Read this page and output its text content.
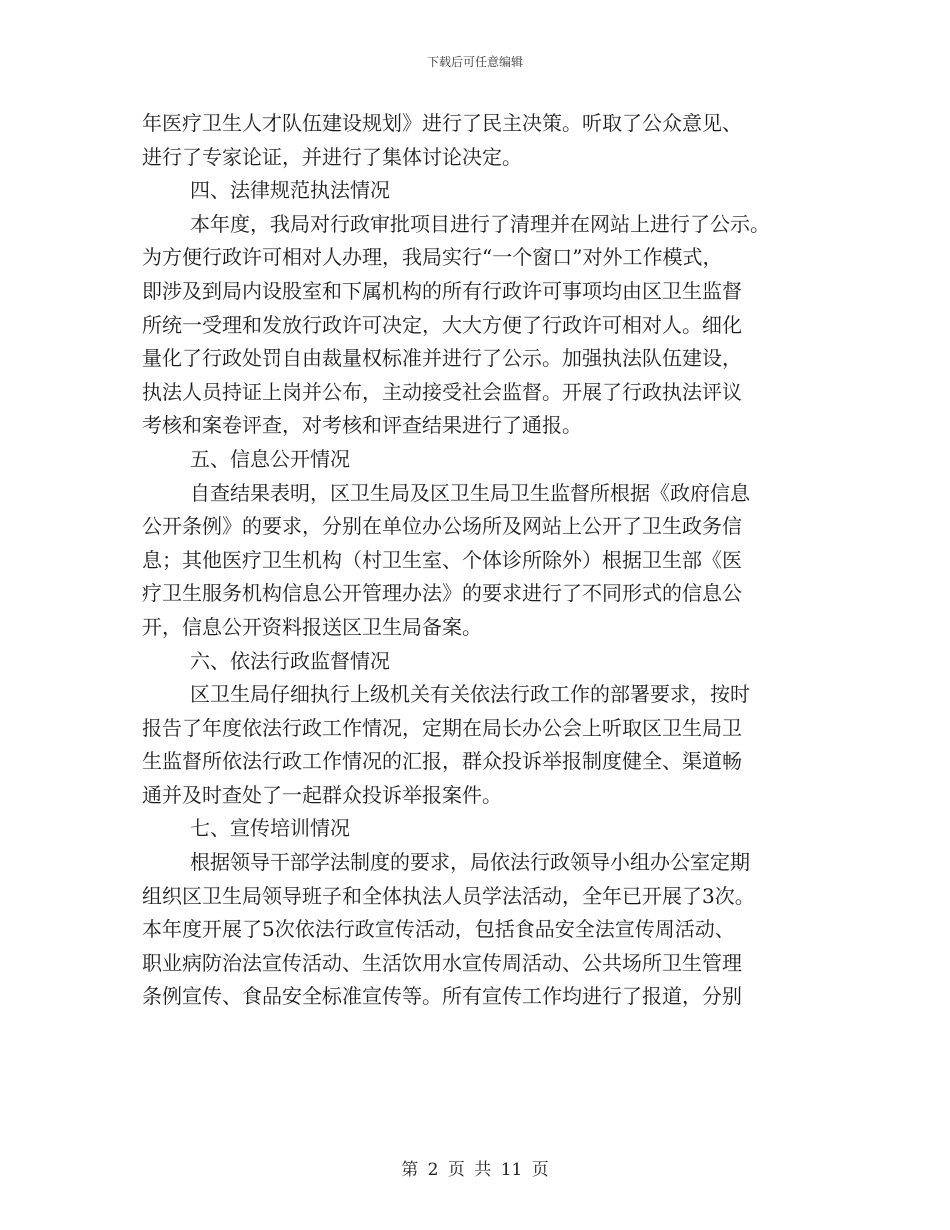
下载后可任意编辑
年医疗卫生人才队伍建设规划》进行了民主决策。听取了公众意见、
进行了专家论证，并进行了集体讨论决定。
四、法律规范执法情况
本年度，我局对行政审批项目进行了清理并在网站上进行了公示。
为方便行政许可相对人办理，我局实行“一个窗口”对外工作模式，
即涉及到局内设股室和下属机构的所有行政许可事项均由区卫生监督
所统一受理和发放行政许可决定，大大方便了行政许可相对人。细化
量化了行政处罚自由裁量权标准并进行了公示。加强执法队伍建设，
执法人员持证上岗并公布，主动接受社会监督。开展了行政执法评议
考核和案卷评查，对考核和评查结果进行了通报。
五、信息公开情况
自查结果表明，区卫生局及区卫生局卫生监督所根据《政府信息
公开条例》的要求，分别在单位办公场所及网站上公开了卫生政务信
息；其他医疗卫生机构（村卫生室、个体诊所除外）根据卫生部《医
疗卫生服务机构信息公开管理办法》的要求进行了不同形式的信息公
开，信息公开资料报送区卫生局备案。
六、依法行政监督情况
区卫生局仔细执行上级机关有关依法行政工作的部署要求，按时
报告了年度依法行政工作情况，定期在局长办公会上听取区卫生局卫
生监督所依法行政工作情况的汇报，群众投诉举报制度健全、渠道畅
通并及时查处了一起群众投诉举报案件。
七、宣传培训情况
根据领导干部学法制度的要求，局依法行政领导小组办公室定期
组织区卫生局领导班子和全体执法人员学法活动，全年已开展了3次。
本年度开展了5次依法行政宣传活动，包括食品安全法宣传周活动、
职业病防治法宣传活动、生活饮用水宣传周活动、公共场所卫生管理
条例宣传、食品安全标准宣传等。所有宣传工作均进行了报道，分别
第 2 页 共 11 页
